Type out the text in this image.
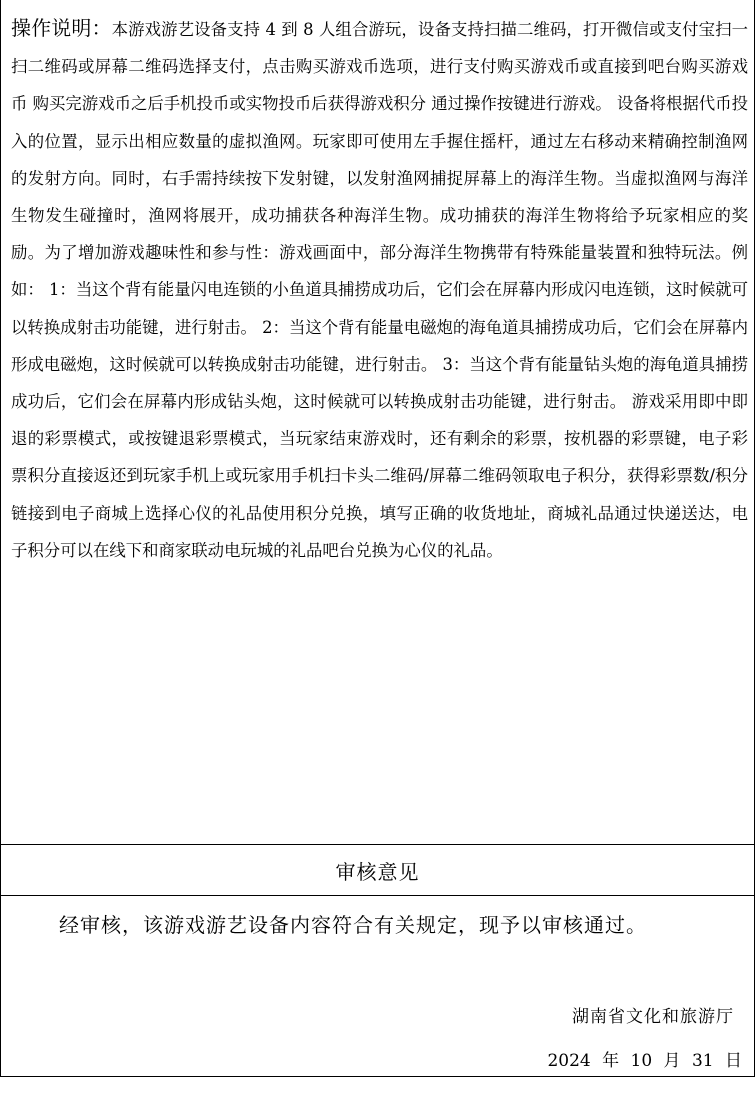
操作说明：本游戏游艺设备支持 4 到 8 人组合游玩，设备支持扫描二维码，打开微信或支付宝扫一扫二维码或屏幕二维码选择支付，点击购买游戏币选项，进行支付购买游戏币或直接到吧台购买游戏币 购买完游戏币之后手机投币或实物投币后获得游戏积分 通过操作按键进行游戏。 设备将根据代币投入的位置，显示出相应数量的虚拟渔网。玩家即可使用左手握住摇杆，通过左右移动来精确控制渔网的发射方向。同时，右手需持续按下发射键，以发射渔网捕捉屏幕上的海洋生物。当虚拟渔网与海洋生物发生碰撞时，渔网将展开，成功捕获各种海洋生物。成功捕获的海洋生物将给予玩家相应的奖励。为了增加游戏趣味性和参与性：游戏画面中，部分海洋生物携带有特殊能量装置和独特玩法。例如： 1：当这个背有能量闪电连锁的小鱼道具捕捞成功后，它们会在屏幕内形成闪电连锁，这时候就可以转换成射击功能键，进行射击。 2：当这个背有能量电磁炮的海龟道具捕捞成功后，它们会在屏幕内形成电磁炮，这时候就可以转换成射击功能键，进行射击。 3：当这个背有能量钻头炮的海龟道具捕捞成功后，它们会在屏幕内形成钻头炮，这时候就可以转换成射击功能键，进行射击。 游戏采用即中即退的彩票模式，或按键退彩票模式，当玩家结束游戏时，还有剩余的彩票，按机器的彩票键，电子彩票积分直接返还到玩家手机上或玩家用手机扫卡头二维码/屏幕二维码领取电子积分，获得彩票数/积分链接到电子商城上选择心仪的礼品使用积分兑换，填写正确的收货地址，商城礼品通过快递送达，电子积分可以在线下和商家联动电玩城的礼品吧台兑换为心仪的礼品。
审核意见
经审核，该游戏游艺设备内容符合有关规定，现予以审核通过。
湖南省文化和旅游厅
2024 年 10 月 31 日
